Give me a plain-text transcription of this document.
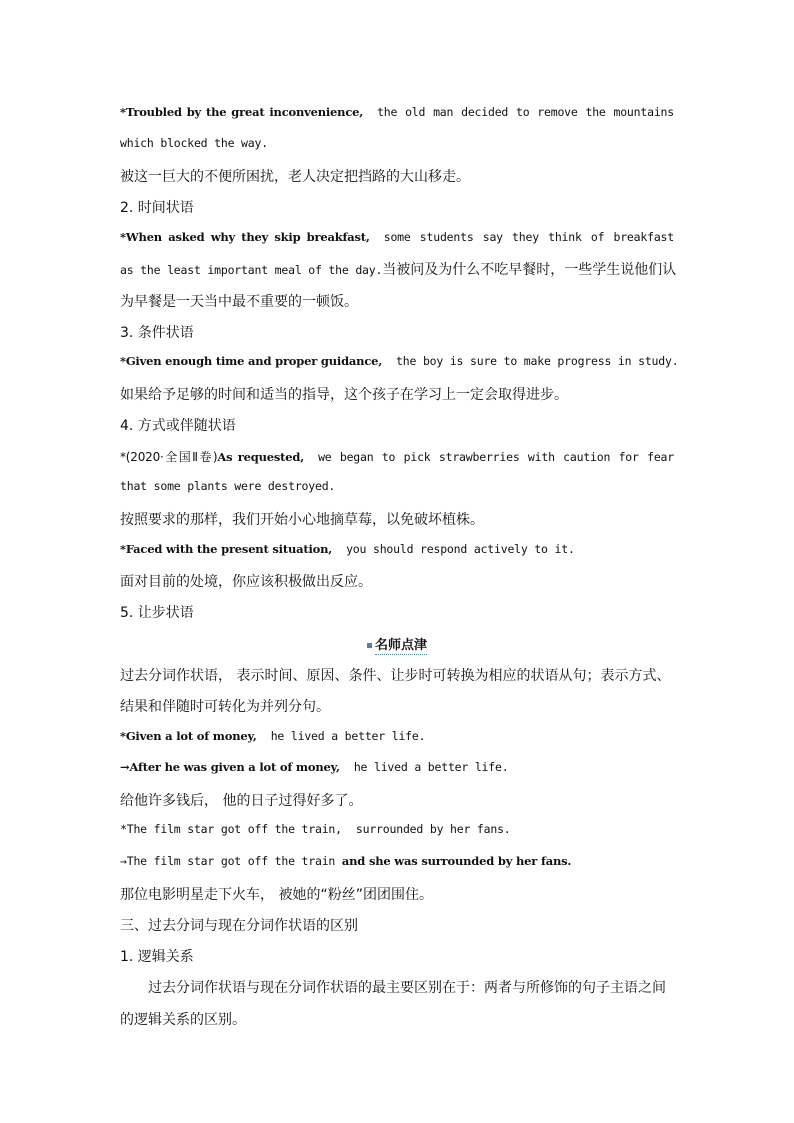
*Troubled by the great inconvenience, the old man decided to remove the mountains
which blocked the way.
被这一巨大的不便所困扰，老人决定把挡路的大山移走。
2. 时间状语
*When asked why they skip breakfast, some students say they think of breakfast
as the least important meal of the day.当被问及为什么不吃早餐时，一些学生说他们认
为早餐是一天当中最不重要的一顿饭。
3. 条件状语
*Given enough time and proper guidance, the boy is sure to make progress in study.
如果给予足够的时间和适当的指导，这个孩子在学习上一定会取得进步。
4. 方式或伴随状语
*(2020·全国Ⅱ卷)As requested, we began to pick strawberries with caution for fear
that some plants were destroyed.
按照要求的那样，我们开始小心地摘草莓，以免破坏植株。
*Faced with the present situation, you should respond actively to it.
面对目前的处境，你应该积极做出反应。
5. 让步状语
名师点津
过去分词作状语， 表示时间、原因、条件、让步时可转换为相应的状语从句；表示方式、
结果和伴随时可转化为并列分句。
*Given a lot of money, he lived a better life.
→After he was given a lot of money, he lived a better life.
给他许多钱后， 他的日子过得好多了。
*The film star got off the train, surrounded by her fans.
→The film star got off the train and she was surrounded by her fans.
那位电影明星走下火车， 被她的“粉丝”团团围住。
三、过去分词与现在分词作状语的区别
1. 逻辑关系
过去分词作状语与现在分词作状语的最主要区别在于：两者与所修饰的句子主语之间
的逻辑关系的区别。
